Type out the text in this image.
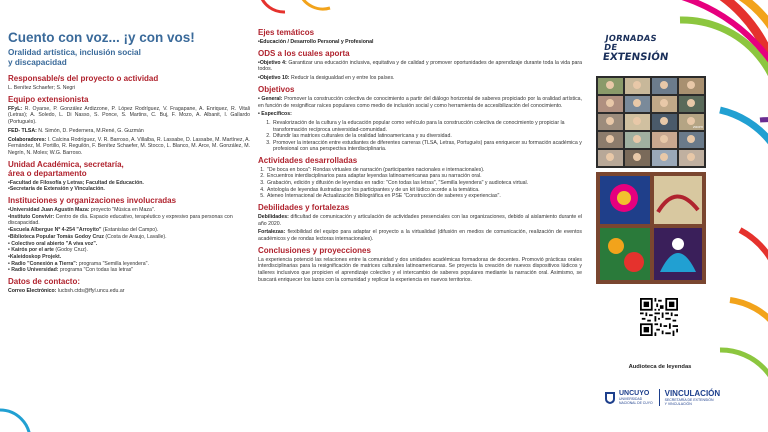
Cuento con voz... ¡y con vos!
Oralidad artística, inclusión social
y discapacidad
Responsable/s del proyecto o actividad
L. Benítez Schaefer; S. Negri
Equipo extensionista
FFyL: R. Oyarse, P. González Ardizzone, P. López Rodríguez, V. Fragapane, A. Enriquez, R. Vitali (Letras); A. Soledo, L. Di Nasso, S. Ponce, S. Martins, C. Buj, F. Mozo, A. Albanit, I. Gallardo (Portugués).
FED- TLSA: N. Simón, D. Pedernera, M.René, G. Guzmán
Colaboradores: I. Calcina Rodríguez, V. R. Barroso, A. Villalba, R. Lassabe, D. Lassabe, M. Martínez, A. Fernández, M. Portillo, R. Reguilón, F. Benítez Schaefer, M. Stocco, L. Blanco, M. Arce, M. González, M. Negrín, N. Moles; W.G. Barroso.
Unidad Académica, secretaría,
área o departamento
•Facultad de Filosofía y Letras; Facultad de Educación.
•Secretaría de Extensión y Vinculación.
Instituciones y organizaciones involucradas
•Universidad Juan Agustín Maza: proyecto "Música en Maza".
•Instituto Convivir: Centro de día. Espacio educativo, terapéutico y expresivo para personas con discapacidad.
•Escuela Albergue Nº 4-254 "Arroyito" (Estanislao del Campo).
•Biblioteca Popular Tomás Godoy Cruz (Costa de Araujo, Lavalle).
• Colectivo oral abierto "A viva voz".
• Kairós por el arte (Godoy Cruz).
•Kaleidoskop Projekt.
• Radio "Conexión a Tierra": programa "Semilla leyendera".
• Radio Universidad: programa "Con todas las letras"
Datos de contacto:
Correo Electrónico: lucbsh.ctds@ffyl.uncu.edu.ar
Ejes temáticos
•Educación / Desarrollo Personal y Profesional
ODS a los cuales aporta
•Objetivo 4: Garantizar una educación inclusiva, equitativa y de calidad y promover oportunidades de aprendizaje durante toda la vida para todos.
•Objetivo 10: Reducir la desigualdad en y entre los países.
Objetivos
• General: Promover la construcción colectiva de conocimiento a partir del diálogo horizontal de saberes propiciado por la oralidad artística, en función de resignificar raíces populares como medio de inclusión social y como herramienta de accesibilización del conocimiento.
• Específicos:
1. Revalorización de la cultura y la educación popular como vehículo para la construcción colectiva de conocimiento y propiciar la transformación recíproca universidad-comunidad.
2. Difundir las matrices culturales de la oralidad latinoamericana y su diversidad.
3. Promover la interacción entre estudiantes de diferentes carreras (TLSA, Letras, Portugués) para enriquecer su formación académica y profesional con una perspectiva interdisciplinaria.
Actividades desarrolladas
1. "De boca en boca": Rondas virtuales de narración (participantes nacionales e internacionales).
2. Encuentros interdisciplinarios para adaptar leyendas latinoamericanas para su narración oral.
3. Grabación, edición y difusión de leyendas en radio: "Con todas las letras", "Semilla leyendera" y audioteca virtual.
4. Antología de leyendas ilustradas por los participantes y de un kit lúdico acorde a la temática.
5. Ateneo Internacional de Actualización Bibliográfica en PSE "Construcción de saberes y experiencias".
Debilidades y fortalezas
Debilidades: dificultad de comunicación y articulación de actividades presenciales con las organizaciones, debido al aislamiento durante el año 2020.
Fortalezas: flexibilidad del equipo para adaptar el proyecto a la virtualidad (difusión en medios de comunicación, realización de eventos académicos y de rondas lectoras internacionales).
Conclusiones y proyecciones
La experiencia potenció las relaciones entre la comunidad y dos unidades académicas formadoras de docentes. Promovió prácticas orales interdisciplinarias para la resignificación de matrices culturales latinoamericanas. Se proyecta la creación de nuevos dispositivos lúdicos y talleres inclusivos que propicien el aprendizaje colectivo y el intercambio de saberes populares mediante la narración oral. Asimismo, se buscará enriquecer los lazos con la comunidad y replicar la experiencia en nuevos territorios.
JORNADAS DE
EXTENSIÓN
zoom
Audioteca de leyendas
UNCUYO
UNIVERSIDAD
NACIONAL DE CUYO
VINCULACIÓN
SECRETARÍA DE EXTENSIÓN
Y VINCULACIÓN
